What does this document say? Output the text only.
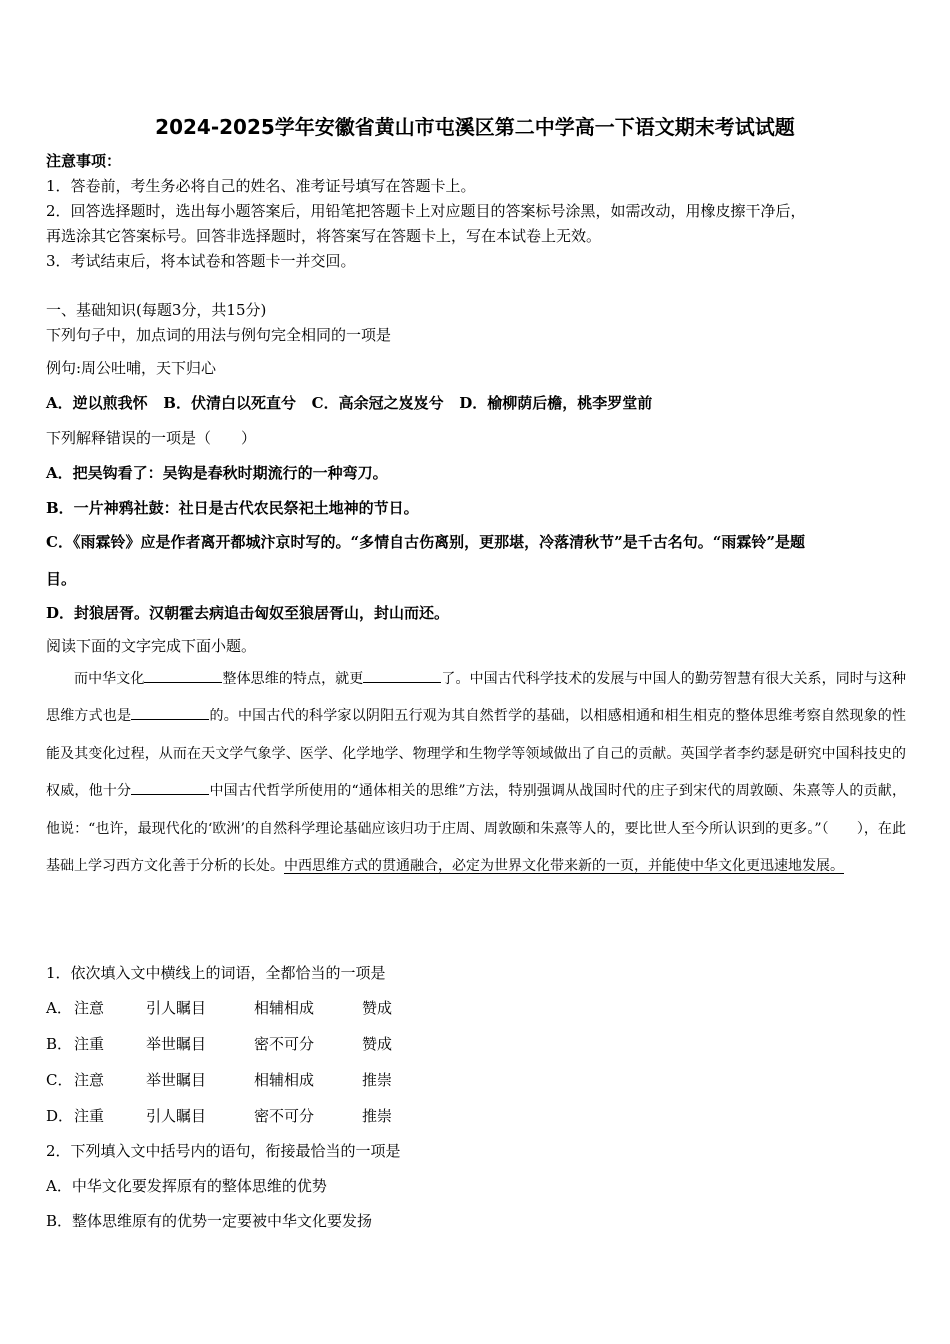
2024-2025学年安徽省黄山市屯溪区第二中学高一下语文期末考试试题
注意事项：
1．答卷前，考生务必将自己的姓名、准考证号填写在答题卡上。
2．回答选择题时，选出每小题答案后，用铅笔把答题卡上对应题目的答案标号涂黑，如需改动，用橡皮擦干净后，
再选涂其它答案标号。回答非选择题时，将答案写在答题卡上，写在本试卷上无效。
3．考试结束后，将本试卷和答题卡一并交回。
一、基础知识(每题3分，共15分)
下列句子中，加点词的用法与例句完全相同的一项是
例句:周公吐哺，天下归心
A．逆以煎我怀   B．伏清白以死直兮   C．高余冠之岌岌兮   D．榆柳荫后檐，桃李罗堂前
下列解释错误的一项是（　　）
A．把吴钩看了：吴钩是春秋时期流行的一种弯刀。
B．一片神鸦社鼓：社日是古代农民祭祀土地神的节日。
C．《雨霖铃》应是作者离开都城汴京时写的。“多情自古伤离别，更那堪，冷落清秋节”是千古名句。“雨霖铃”是题
目。
D．封狼居胥。汉朝霍去病追击匈奴至狼居胥山，封山而还。
阅读下面的文字完成下面小题。
而中华文化	整体思维的特点，就更	了。中国古代科学技术的发展与中国人的勤劳智慧有很大关系，同时与这种思维方式也是	的。中国古代的科学家以阴阳五行观为其自然哲学的基础，以相感相通和相生相克的整体思维考察自然现象的性能及其变化过程，从而在天文学气象学、医学、化学地学、物理学和生物学等领域做出了自己的贡献。英国学者李约瑟是研究中国科技史的权威，他十分	中国古代哲学所使用的“通体相关的思维”方法，特别强调从战国时代的庄子到宋代的周敦颐、朱熹等人的贡献，他说：“也许，最现代化的‘欧洲’的自然科学理论基础应该归功于庄周、周敦颐和朱熹等人的，要比世人至今所认识到的更多。”（　　），在此基础上学习西方文化善于分析的长处。中西思维方式的贯通融合，必定为世界文化带来新的一页，并能使中华文化更迅速地发展。
1．依次填入文中横线上的词语，全都恰当的一项是
A． 注意	引人瞩目	相辅相成	赞成
B． 注重	举世瞩目	密不可分	赞成
C． 注意	举世瞩目	相辅相成	推崇
D．注重	引人瞩目	密不可分	推崇
2．下列填入文中括号内的语句，衔接最恰当的一项是
A．中华文化要发挥原有的整体思维的优势
B．整体思维原有的优势一定要被中华文化要发扬
